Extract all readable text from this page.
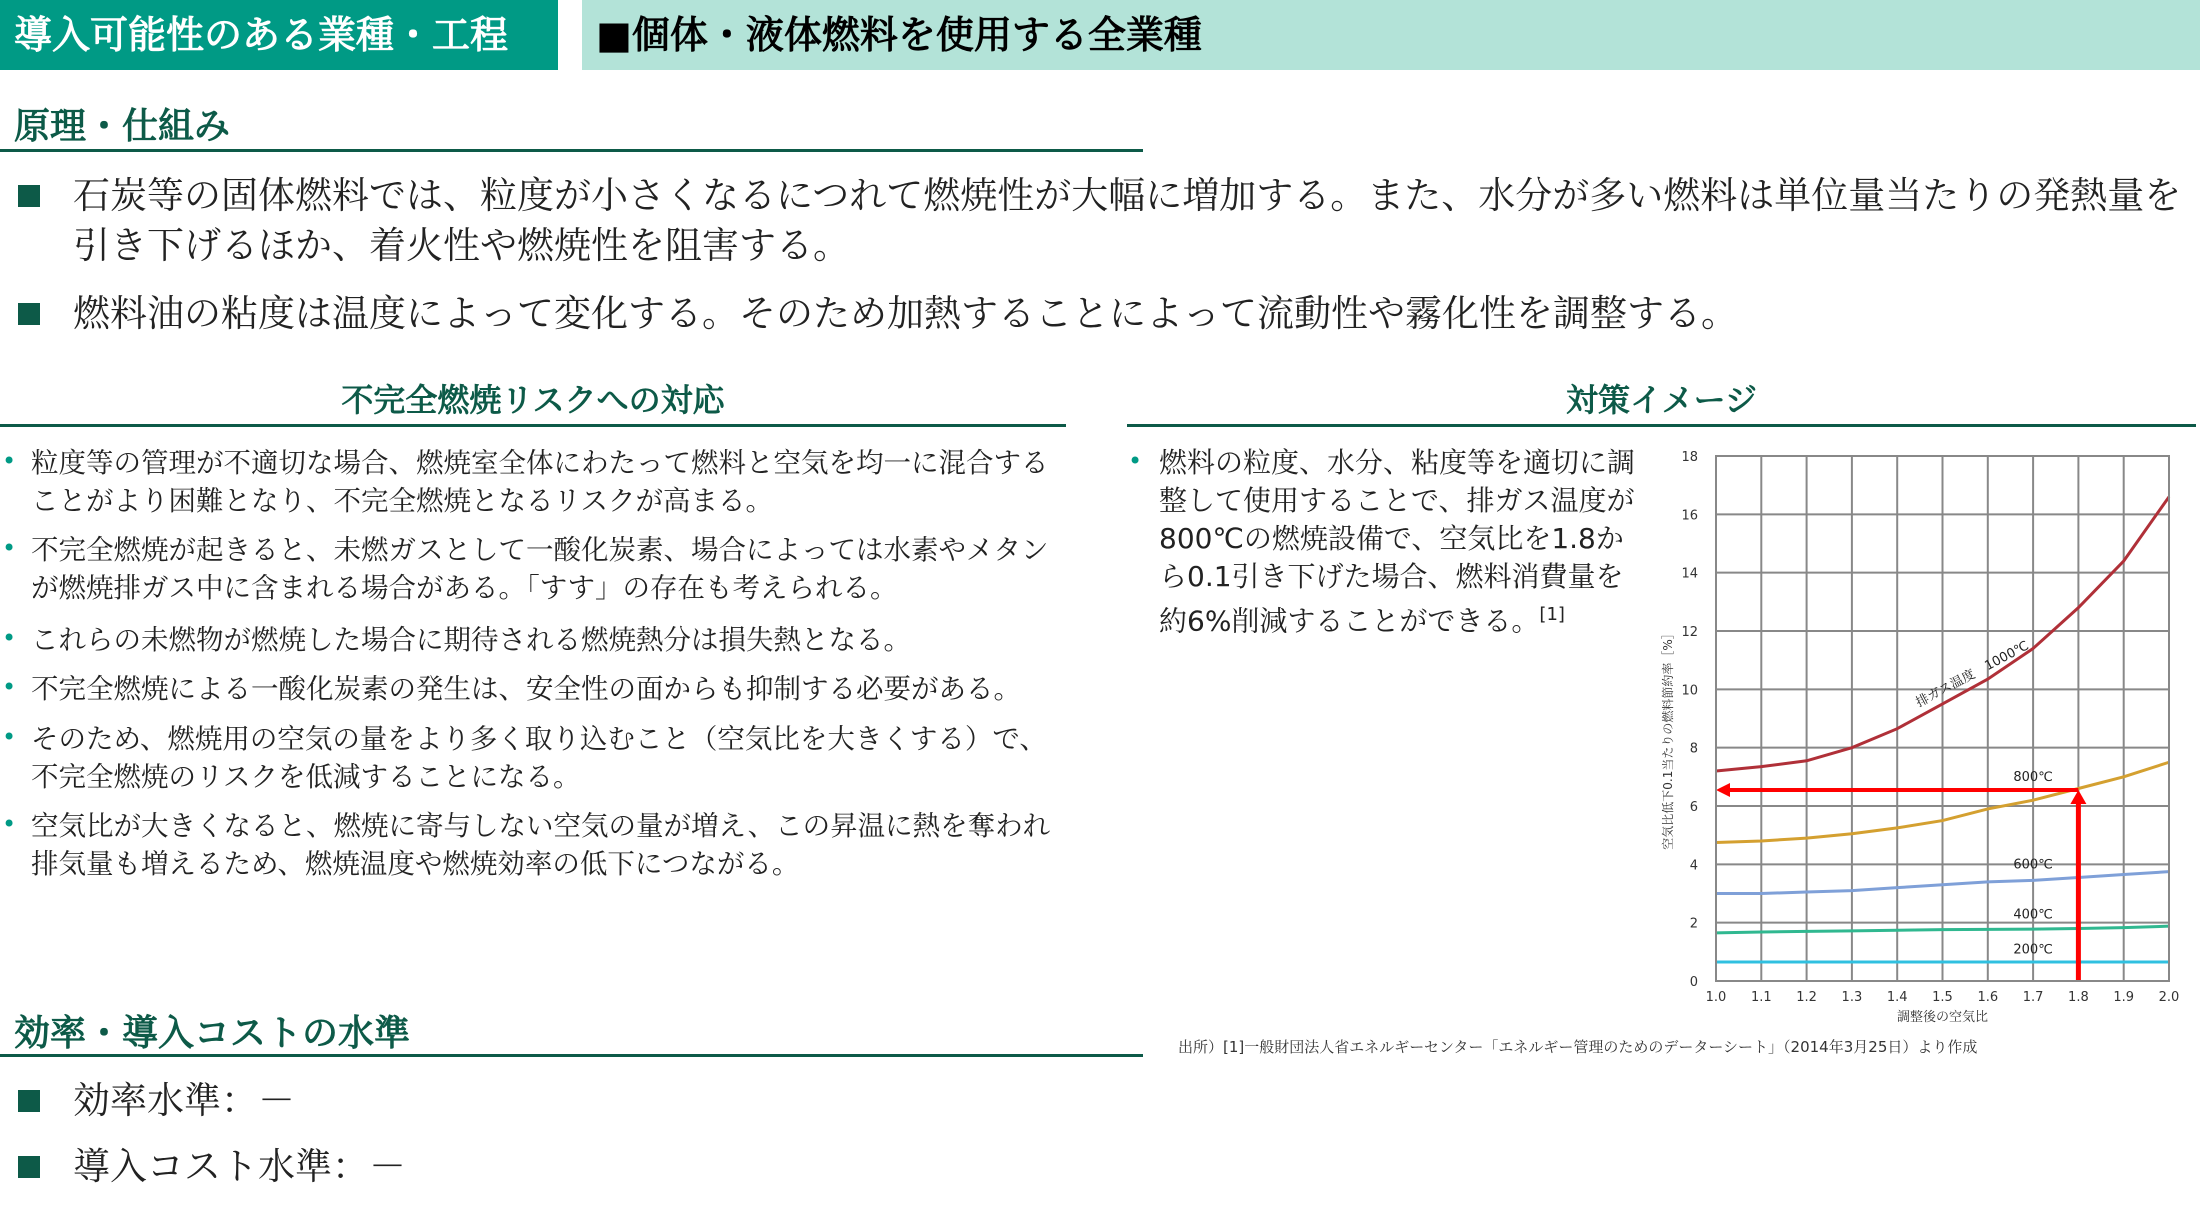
導入可能性のある業種・工程	■個体・液体燃料を使用する全業種
原理・仕組み
石炭等の固体燃料では、粒度が小さくなるにつれて燃焼性が大幅に増加する。また、水分が多い燃料は単位量当たりの発熱量を引き下げるほか、着火性や燃焼性を阻害する。
燃料油の粘度は温度によって変化する。そのため加熱することによって流動性や霧化性を調整する。
不完全燃焼リスクへの対応	対策イメージ
• 粒度等の管理が不適切な場合、燃焼室全体にわたって燃料と空気を均一に混合することがより困難となり、不完全燃焼となるリスクが高まる。
• 不完全燃焼が起きると、未燃ガスとして一酸化炭素、場合によっては水素やメタンが燃焼排ガス中に含まれる場合がある。「すす」の存在も考えられる。
• これらの未燃物が燃焼した場合に期待される燃焼熱分は損失熱となる。
• 不完全燃焼による一酸化炭素の発生は、安全性の面からも抑制する必要がある。
• そのため、燃焼用の空気の量をより多く取り込むこと（空気比を大きくする）で、不完全燃焼のリスクを低減することになる。
• 空気比が大きくなると、燃焼に寄与しない空気の量が増え、この昇温に熱を奪われ排気量も増えるため、燃焼温度や燃焼効率の低下につながる。
• 燃料の粒度、水分、粘度等を適切に調整して使用することで、排ガス温度が800℃の燃焼設備で、空気比を1.8から0.1引き下げた場合、燃料消費量を約6%削減することができる。[1]
1.0 1.1 1.2 1.3 1.4 1.5 1.6 1.7 1.8 1.9 2.0
0
2
4
6
8
10
12
14
16
18
調整後の空気比
空気比低下0.1当たりの燃料節約率［%］	排ガス温度　1000℃
800℃
600℃
400℃
200℃
出所）[1]一般財団法人省エネルギーセンター「エネルギー管理のためのデーターシート」（2014年3月25日）より作成
効率・導入コストの水準
効率水準：－
導入コスト水準：－
